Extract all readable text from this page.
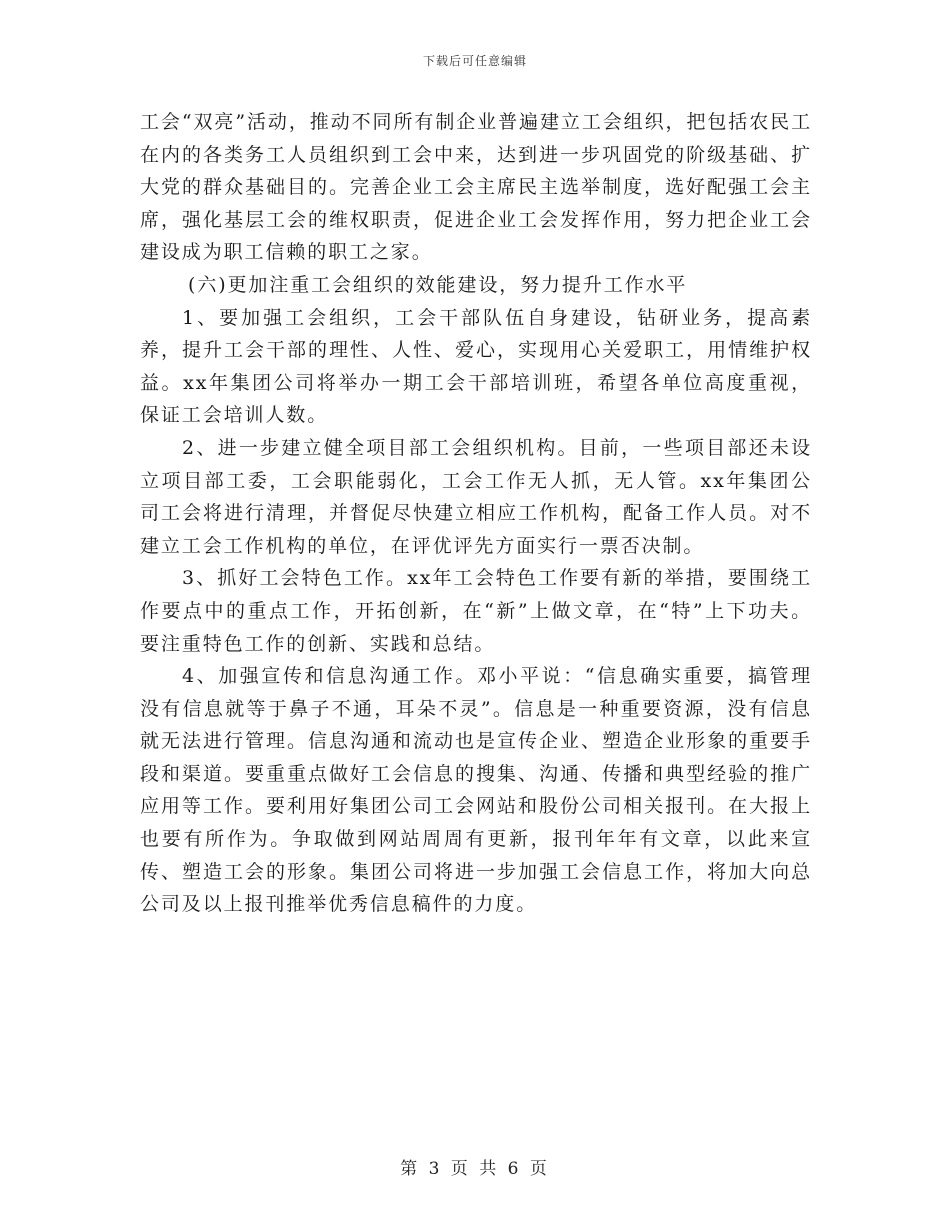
下载后可任意编辑

工会“双亮”活动，推动不同所有制企业普遍建立工会组织，把包括农民工在内的各类务工人员组织到工会中来，达到进一步巩固党的阶级基础、扩大党的群众基础目的。完善企业工会主席民主选举制度，选好配强工会主席，强化基层工会的维权职责，促进企业工会发挥作用，努力把企业工会建设成为职工信赖的职工之家。

(六)更加注重工会组织的效能建设，努力提升工作水平

1、要加强工会组织，工会干部队伍自身建设，钻研业务，提高素养，提升工会干部的理性、人性、爱心，实现用心关爱职工，用情维护权益。xx年集团公司将举办一期工会干部培训班，希望各单位高度重视，保证工会培训人数。

2、进一步建立健全项目部工会组织机构。目前，一些项目部还未设立项目部工委，工会职能弱化，工会工作无人抓，无人管。xx年集团公司工会将进行清理，并督促尽快建立相应工作机构，配备工作人员。对不建立工会工作机构的单位，在评优评先方面实行一票否决制。

3、抓好工会特色工作。xx年工会特色工作要有新的举措，要围绕工作要点中的重点工作，开拓创新，在“新”上做文章，在“特”上下功夫。要注重特色工作的创新、实践和总结。

4、加强宣传和信息沟通工作。邓小平说：“信息确实重要，搞管理没有信息就等于鼻子不通，耳朵不灵”。信息是一种重要资源，没有信息就无法进行管理。信息沟通和流动也是宣传企业、塑造企业形象的重要手段和渠道。要重重点做好工会信息的搜集、沟通、传播和典型经验的推广应用等工作。要利用好集团公司工会网站和股份公司相关报刊。在大报上也要有所作为。争取做到网站周周有更新，报刊年年有文章，以此来宣传、塑造工会的形象。集团公司将进一步加强工会信息工作，将加大向总公司及以上报刊推举优秀信息稿件的力度。

第 3 页 共 6 页
